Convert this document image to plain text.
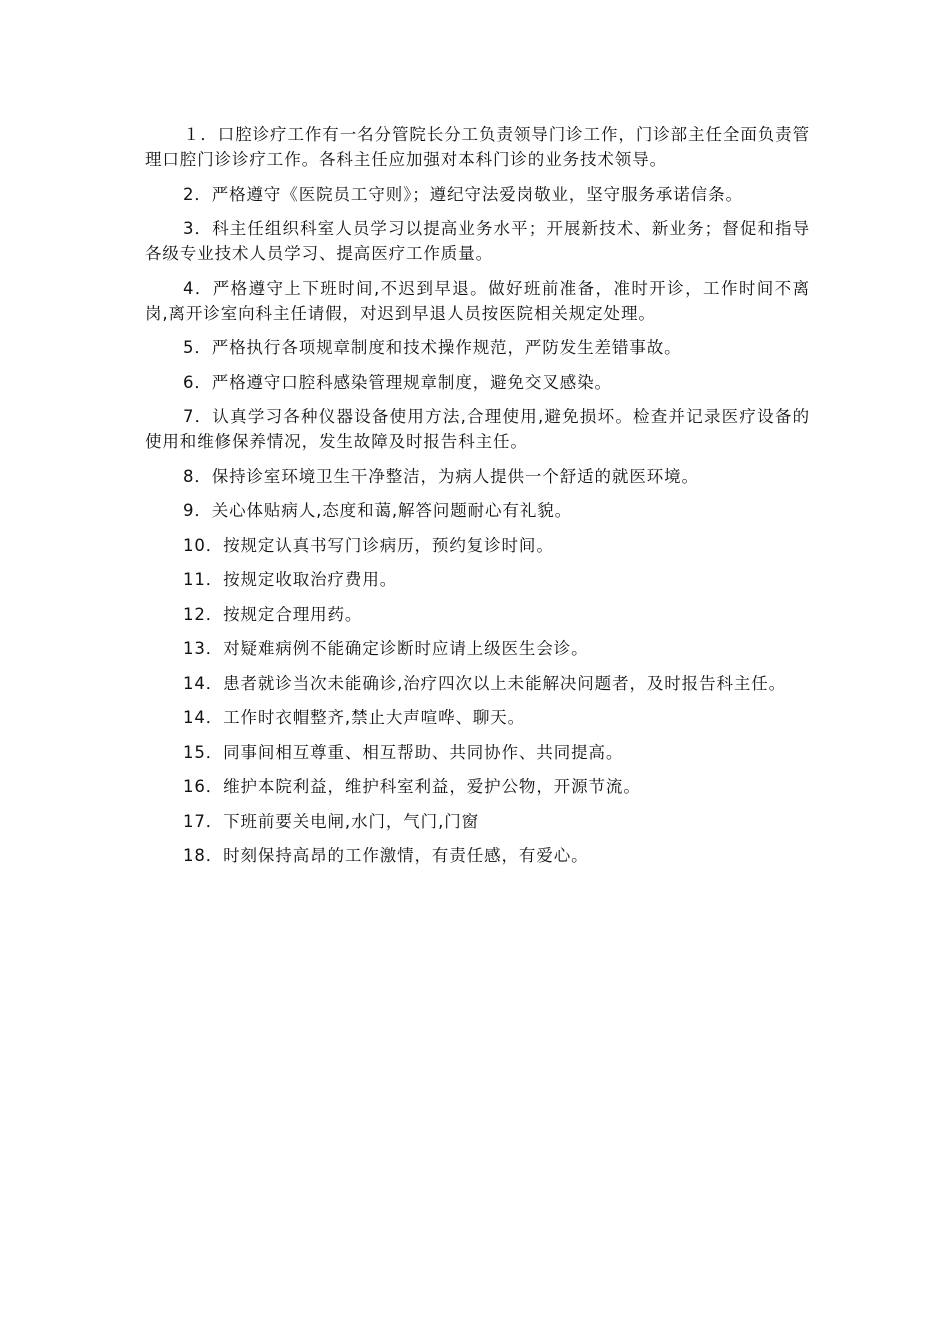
１．口腔诊疗工作有一名分管院长分工负责领导门诊工作，门诊部主任全面负责管理口腔门诊诊疗工作。各科主任应加强对本科门诊的业务技术领导。

2．严格遵守《医院员工守则》；遵纪守法爱岗敬业，坚守服务承诺信条。

3．科主任组织科室人员学习以提高业务水平；开展新技术、新业务；督促和指导各级专业技术人员学习、提高医疗工作质量。

4．严格遵守上下班时间,不迟到早退。做好班前准备，准时开诊，工作时间不离岗,离开诊室向科主任请假，对迟到早退人员按医院相关规定处理。

5．严格执行各项规章制度和技术操作规范，严防发生差错事故。

6．严格遵守口腔科感染管理规章制度，避免交叉感染。

7．认真学习各种仪器设备使用方法,合理使用,避免损坏。检查并记录医疗设备的使用和维修保养情况，发生故障及时报告科主任。

8．保持诊室环境卫生干净整洁，为病人提供一个舒适的就医环境。

9．关心体贴病人,态度和蔼,解答问题耐心有礼貌。

10．按规定认真书写门诊病历，预约复诊时间。

11．按规定收取治疗费用。

12．按规定合理用药。

13．对疑难病例不能确定诊断时应请上级医生会诊。

14．患者就诊当次未能确诊,治疗四次以上未能解决问题者，及时报告科主任。

14．工作时衣帽整齐,禁止大声喧哗、聊天。

15．同事间相互尊重、相互帮助、共同协作、共同提高。

16．维护本院利益，维护科室利益，爱护公物，开源节流。

17．下班前要关电闸,水门，气门,门窗

18．时刻保持高昂的工作激情，有责任感，有爱心。
